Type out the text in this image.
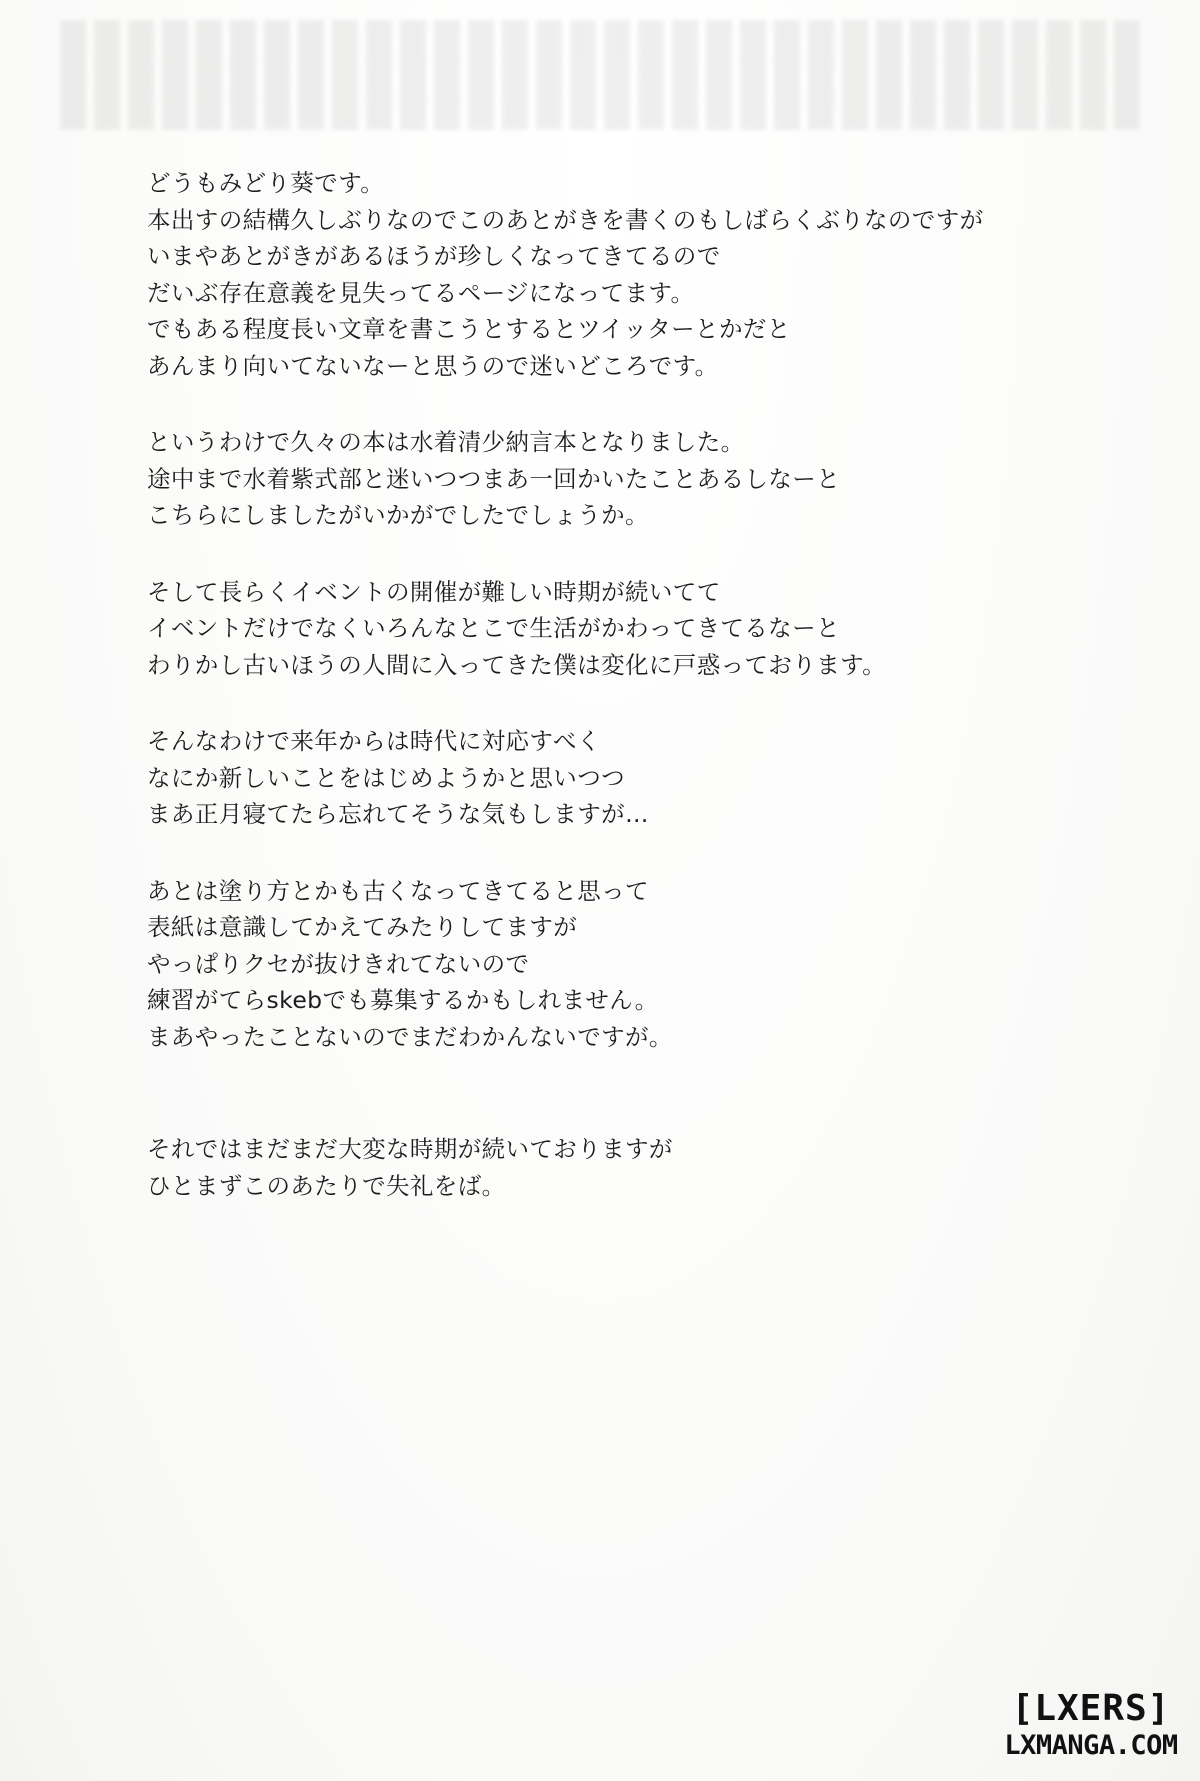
どうもみどり葵です。
本出すの結構久しぶりなのでこのあとがきを書くのもしばらくぶりなのですが
いまやあとがきがあるほうが珍しくなってきてるので
だいぶ存在意義を見失ってるページになってます。
でもある程度長い文章を書こうとするとツイッターとかだと
あんまり向いてないなーと思うので迷いどころです。
というわけで久々の本は水着清少納言本となりました。
途中まで水着紫式部と迷いつつまあ一回かいたことあるしなーと
こちらにしましたがいかがでしたでしょうか。
そして長らくイベントの開催が難しい時期が続いてて
イベントだけでなくいろんなとこで生活がかわってきてるなーと
わりかし古いほうの人間に入ってきた僕は変化に戸惑っております。
そんなわけで来年からは時代に対応すべく
なにか新しいことをはじめようかと思いつつ
まあ正月寝てたら忘れてそうな気もしますが…
あとは塗り方とかも古くなってきてると思って
表紙は意識してかえてみたりしてますが
やっぱりクセが抜けきれてないので
練習がてらskebでも募集するかもしれません。
まあやったことないのでまだわかんないですが。
それではまだまだ大変な時期が続いておりますが
ひとまずこのあたりで失礼をば。
[LXERS]
LXMANGA.COM
